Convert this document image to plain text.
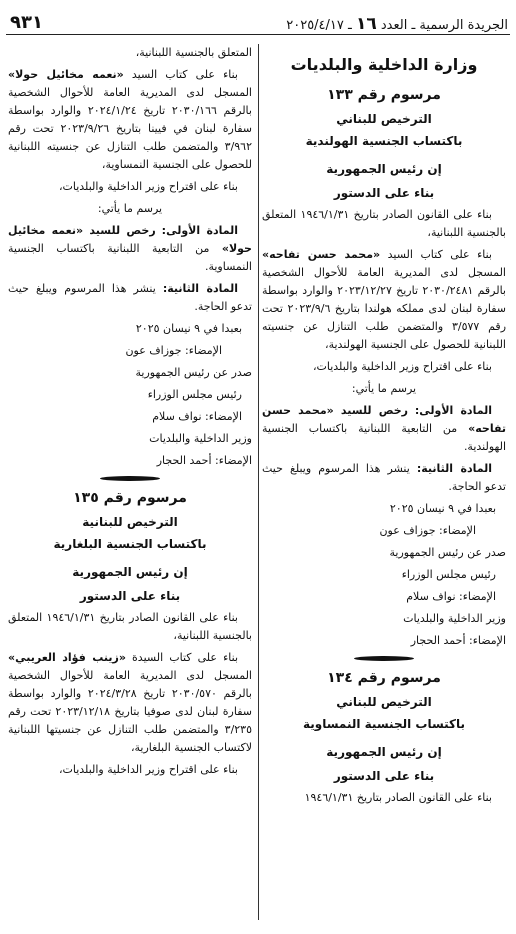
الجريدة الرسمية ـ العدد ١٦ ـ ٢٠٢٥/٤/١٧
٩٣١
وزارة الداخلية والبلديات
مرسوم رقم ١٣٣
الترخيص للبناني
باكتساب الجنسية الهولندية
إن رئيس الجمهورية
بناء على الدستور

بناء على القانون الصادر بتاريخ ١٩٤٦/١/٣١ المتعلق بالجنسية اللبنانية،

بناء على كتاب السيد «محمد حسن تفاحه» المسجل لدى المديرية العامة للأحوال الشخصية بالرقم ٢٠٣٠/٢٤٨١ تاريخ ٢٠٢٣/١٢/٢٧ والوارد بواسطة سفارة لبنان لدى مملكه هولندا بتاريخ ٢٠٢٣/٩/٦ تحت رقم ٣/٥٧٧ والمتضمن طلب التنازل عن جنسيته اللبنانية للحصول على الجنسية الهولندية،

بناء على اقتراح وزير الداخلية والبلديات،

يرسم ما يأتي:

المادة الأولى: رخص للسيد «محمد حسن تفاحه» من التابعية اللبنانية باكتساب الجنسية الهولندية.

المادة الثانية: ينشر هذا المرسوم ويبلغ حيث تدعو الحاجة.

بعبدا في ٩ نيسان ٢٠٢٥

الإمضاء: جوزاف عون

صدر عن رئيس الجمهورية

رئيس مجلس الوزراء

الإمضاء: نواف سلام

وزير الداخلية والبلديات

الإمضاء: أحمد الحجار

مرسوم رقم ١٣٤
الترخيص للبناني
باكتساب الجنسية النمساوية
إن رئيس الجمهورية
بناء على الدستور

بناء على القانون الصادر بتاريخ ١٩٤٦/١/٣١

المتعلق بالجنسية اللبنانية،

بناء على كتاب السيد «نعمه مخائيل حولا» المسجل لدى المديرية العامة للأحوال الشخصية بالرقم ٢٠٣٠/١٦٦ تاريخ ٢٠٢٤/١/٢٤ والوارد بواسطة سفارة لبنان في فيينا بتاريخ ٢٠٢٣/٩/٢٦ تحت رقم ٣/٩٦٢ والمتضمن طلب التنازل عن جنسيته اللبنانية للحصول على الجنسية النمساوية،

بناء على اقتراح وزير الداخلية والبلديات،

يرسم ما يأتي:

المادة الأولى: رخص للسيد «نعمه مخائيل حولا» من التابعية اللبنانية باكتساب الجنسية النمساوية.

المادة الثانية: ينشر هذا المرسوم ويبلغ حيث تدعو الحاجة.

بعبدا في ٩ نيسان ٢٠٢٥

الإمضاء: جوزاف عون

صدر عن رئيس الجمهورية

رئيس مجلس الوزراء

الإمضاء: نواف سلام

وزير الداخلية والبلديات

الإمضاء: أحمد الحجار

مرسوم رقم ١٣٥
الترخيص للبنانية
باكتساب الجنسية البلغارية
إن رئيس الجمهورية
بناء على الدستور

بناء على القانون الصادر بتاريخ ١٩٤٦/١/٣١ المتعلق بالجنسية اللبنانية،

بناء على كتاب السيدة «زينب فؤاد العريبي» المسجل لدى المديرية العامة للأحوال الشخصية بالرقم ٢٠٣٠/٥٧٠ تاريخ ٢٠٢٤/٣/٢٨ والوارد بواسطة سفارة لبنان لدى صوفيا بتاريخ ٢٠٢٣/١٢/١٨ تحت رقم ٣/٢٣٥ والمتضمن طلب التنازل عن جنسيتها اللبنانية لاكتساب الجنسية البلغارية،

بناء على اقتراح وزير الداخلية والبلديات،
